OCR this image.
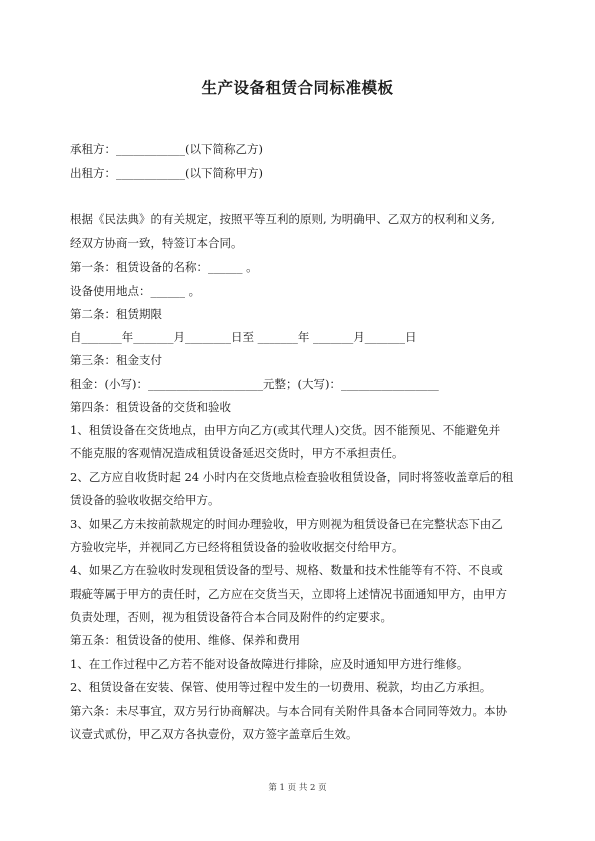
生产设备租赁合同标准模板
承租方：____________(以下简称乙方)
出租方：____________(以下简称甲方)
根据《民法典》的有关规定，按照平等互利的原则, 为明确甲、乙双方的权利和义务,
经双方协商一致，特签订本合同。
第一条：租赁设备的名称：______ 。
设备使用地点：______ 。
第二条：租赁期限
自_______年_______月________日至 _______年 _______月_______日
第三条：租金支付
租金：(小写)：____________________元整；(大写)：_________________
第四条：租赁设备的交货和验收
1、租赁设备在交货地点，由甲方向乙方(或其代理人)交货。因不能预见、不能避免并
不能克服的客观情况造成租赁设备延迟交货时，甲方不承担责任。
2、乙方应自收货时起 24 小时内在交货地点检查验收租赁设备，同时将签收盖章后的租
赁设备的验收收据交给甲方。
3、如果乙方未按前款规定的时间办理验收，甲方则视为租赁设备已在完整状态下由乙
方验收完毕，并视同乙方已经将租赁设备的验收收据交付给甲方。
4、如果乙方在验收时发现租赁设备的型号、规格、数量和技术性能等有不符、不良或
瑕疵等属于甲方的责任时，乙方应在交货当天，立即将上述情况书面通知甲方，由甲方
负责处理，否则，视为租赁设备符合本合同及附件的约定要求。
第五条：租赁设备的使用、维修、保养和费用
1、在工作过程中乙方若不能对设备故障进行排除，应及时通知甲方进行维修。
2、租赁设备在安装、保管、使用等过程中发生的一切费用、税款，均由乙方承担。
第六条：未尽事宜，双方另行协商解决。与本合同有关附件具备本合同同等效力。本协
议壹式贰份，甲乙双方各执壹份，双方签字盖章后生效。
第 1 页 共 2 页
